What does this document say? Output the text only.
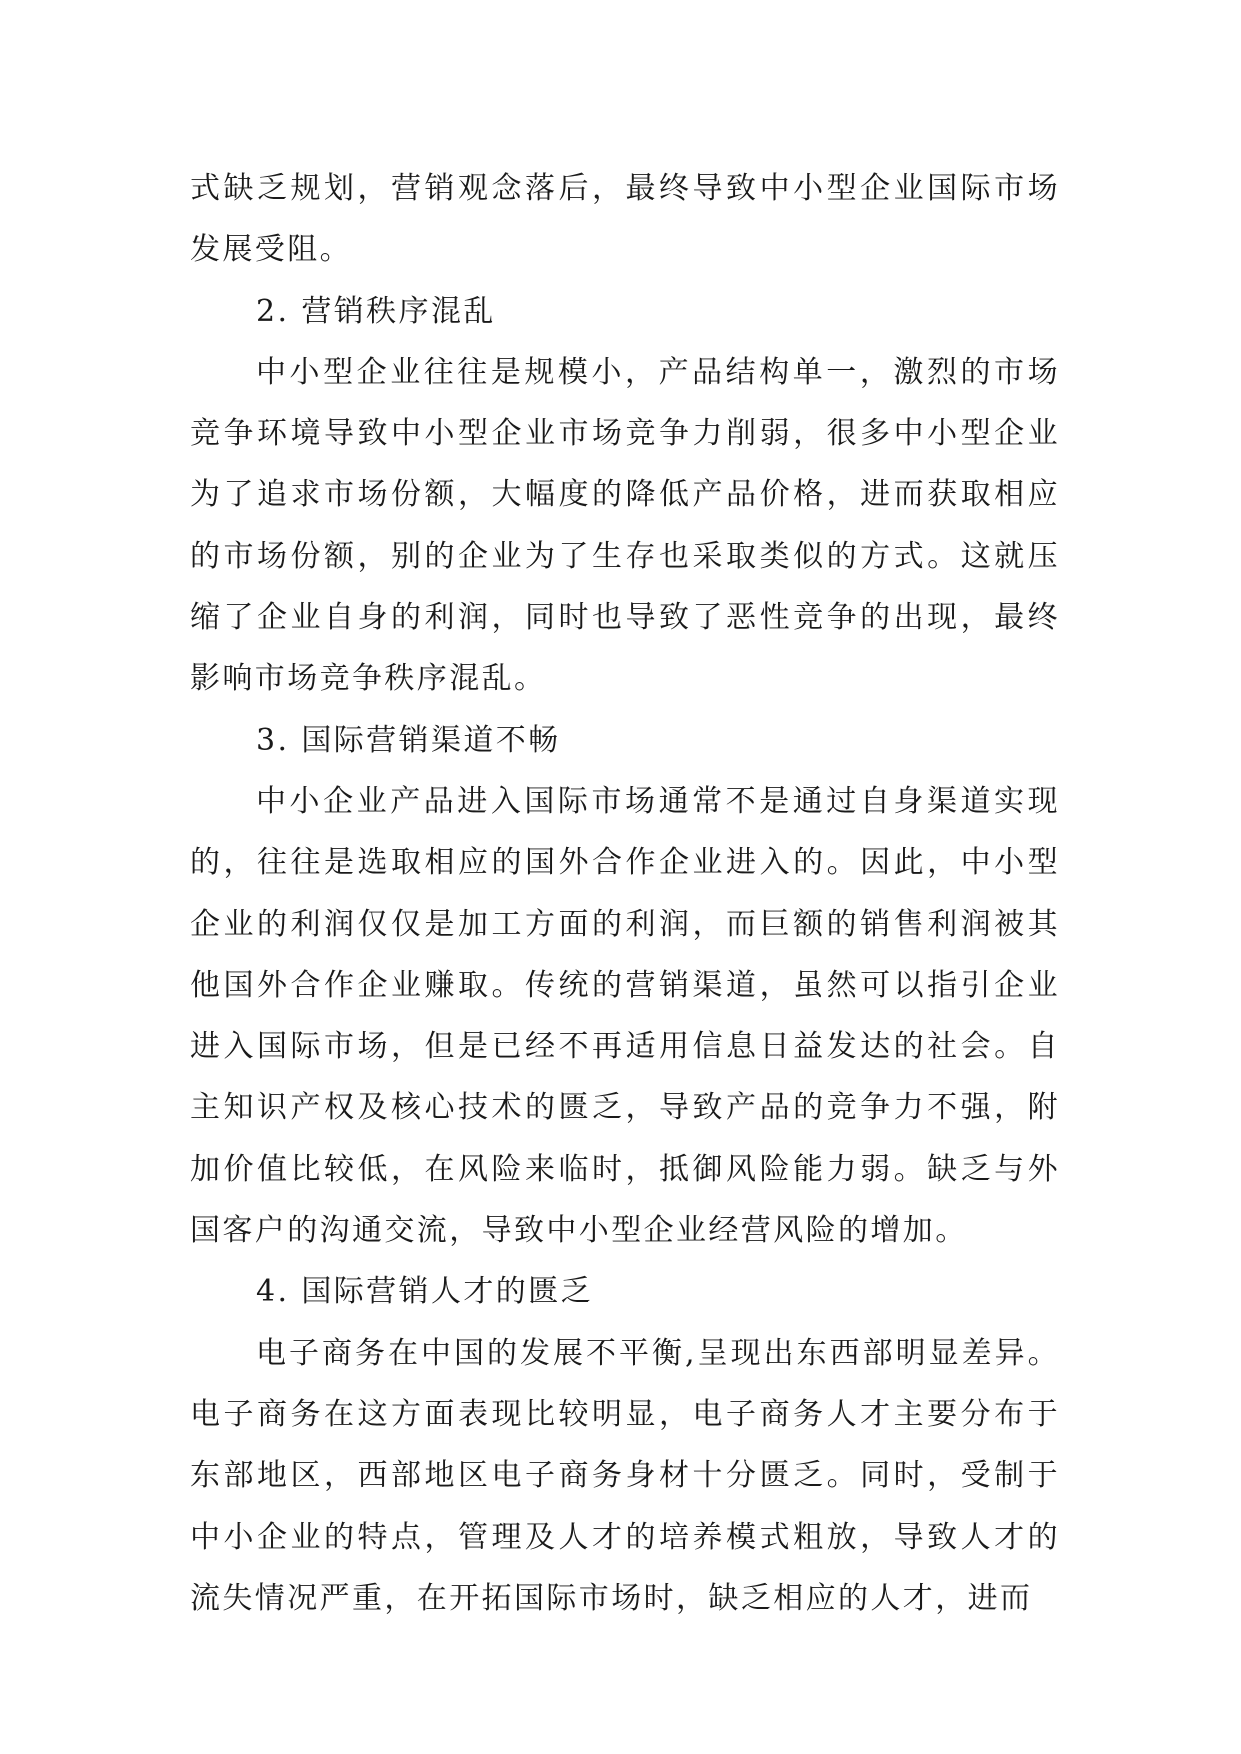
式缺乏规划，营销观念落后，最终导致中小型企业国际市场发展受阻。

2. 营销秩序混乱

中小型企业往往是规模小，产品结构单一，激烈的市场竞争环境导致中小型企业市场竞争力削弱，很多中小型企业为了追求市场份额，大幅度的降低产品价格，进而获取相应的市场份额，别的企业为了生存也采取类似的方式。这就压缩了企业自身的利润，同时也导致了恶性竞争的出现，最终影响市场竞争秩序混乱。

3. 国际营销渠道不畅

中小企业产品进入国际市场通常不是通过自身渠道实现的，往往是选取相应的国外合作企业进入的。因此，中小型企业的利润仅仅是加工方面的利润，而巨额的销售利润被其他国外合作企业赚取。传统的营销渠道，虽然可以指引企业进入国际市场，但是已经不再适用信息日益发达的社会。自主知识产权及核心技术的匮乏，导致产品的竞争力不强，附加价值比较低，在风险来临时，抵御风险能力弱。缺乏与外国客户的沟通交流，导致中小型企业经营风险的增加。

4. 国际营销人才的匮乏

电子商务在中国的发展不平衡,呈现出东西部明显差异。电子商务在这方面表现比较明显，电子商务人才主要分布于东部地区，西部地区电子商务身材十分匮乏。同时，受制于中小企业的特点，管理及人才的培养模式粗放，导致人才的流失情况严重，在开拓国际市场时，缺乏相应的人才，进而
